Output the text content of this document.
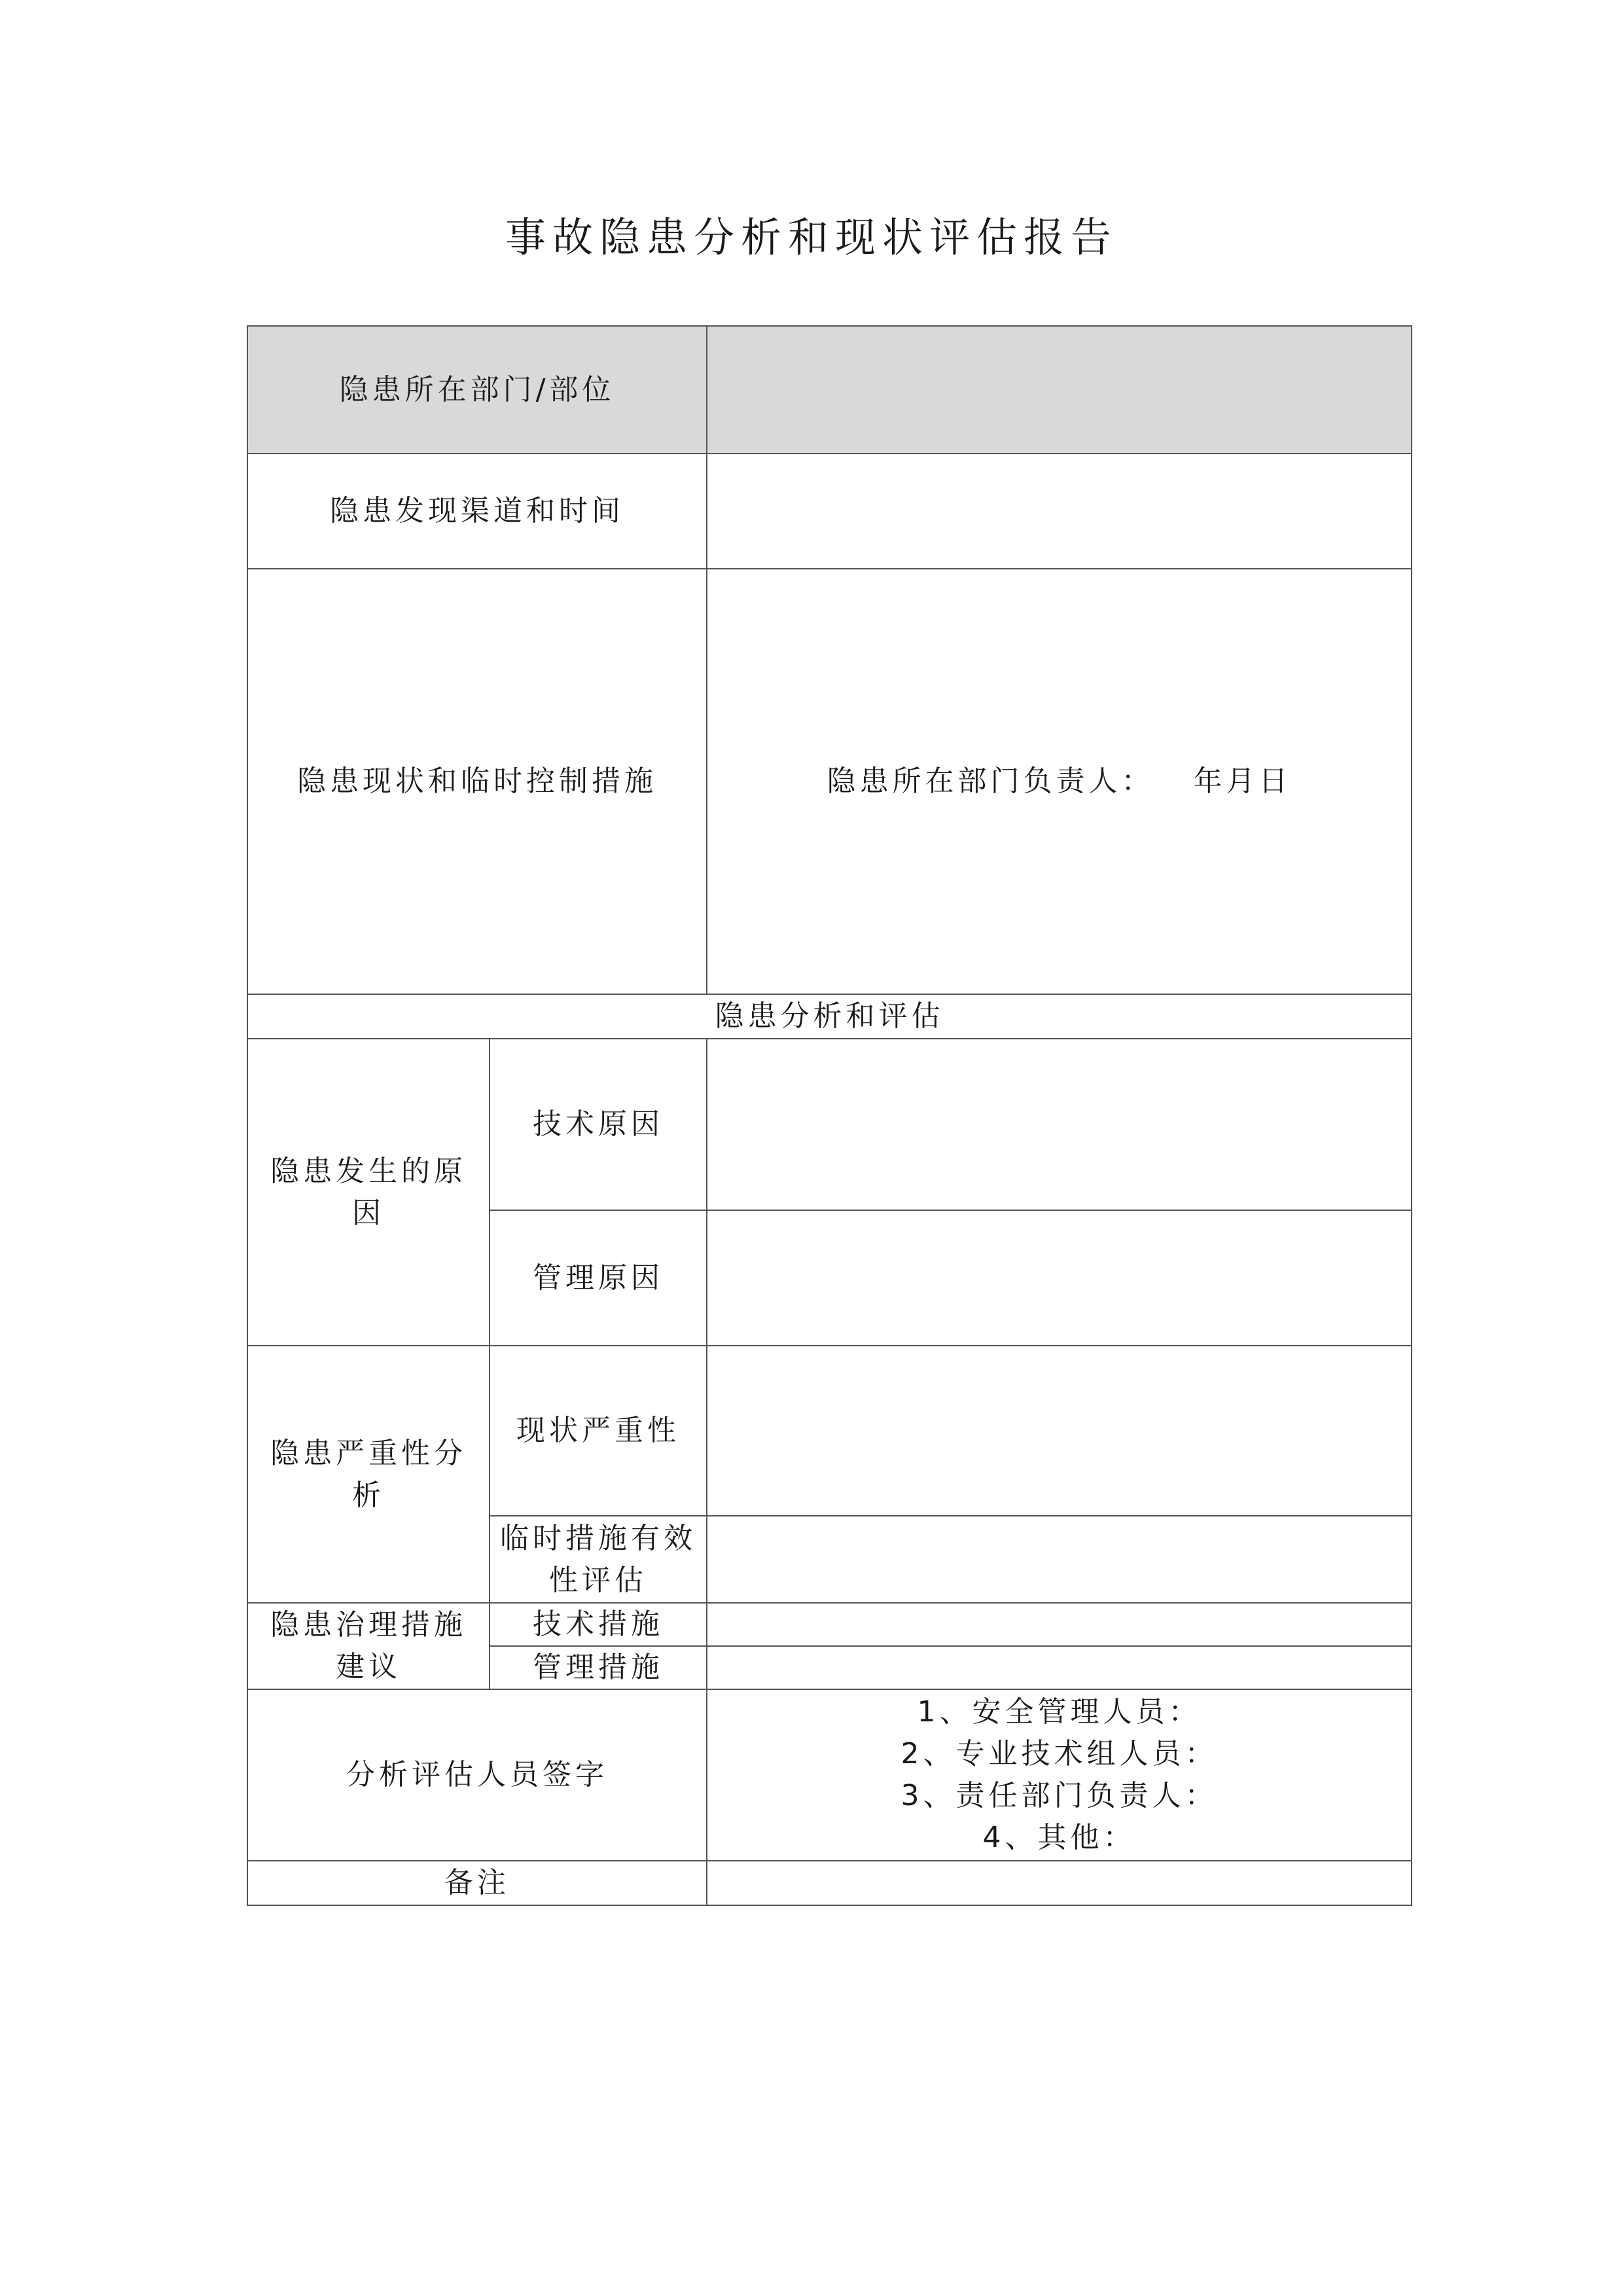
事故隐患分析和现状评估报告
隐患所在部门/部位		
隐患发现渠道和时间		
隐患现状和临时控制措施		隐患所在部门负责人： 年月日
隐患分析和评估		
隐患发生的原因	技术原因	
	管理原因	
隐患严重性分析	现状严重性	
	临时措施有效性评估	
隐患治理措施建议	技术措施	
	管理措施	
分析评估人员签字		1、安全管理人员：
2、专业技术组人员：
3、责任部门负责人：
4、其他：

备注		
